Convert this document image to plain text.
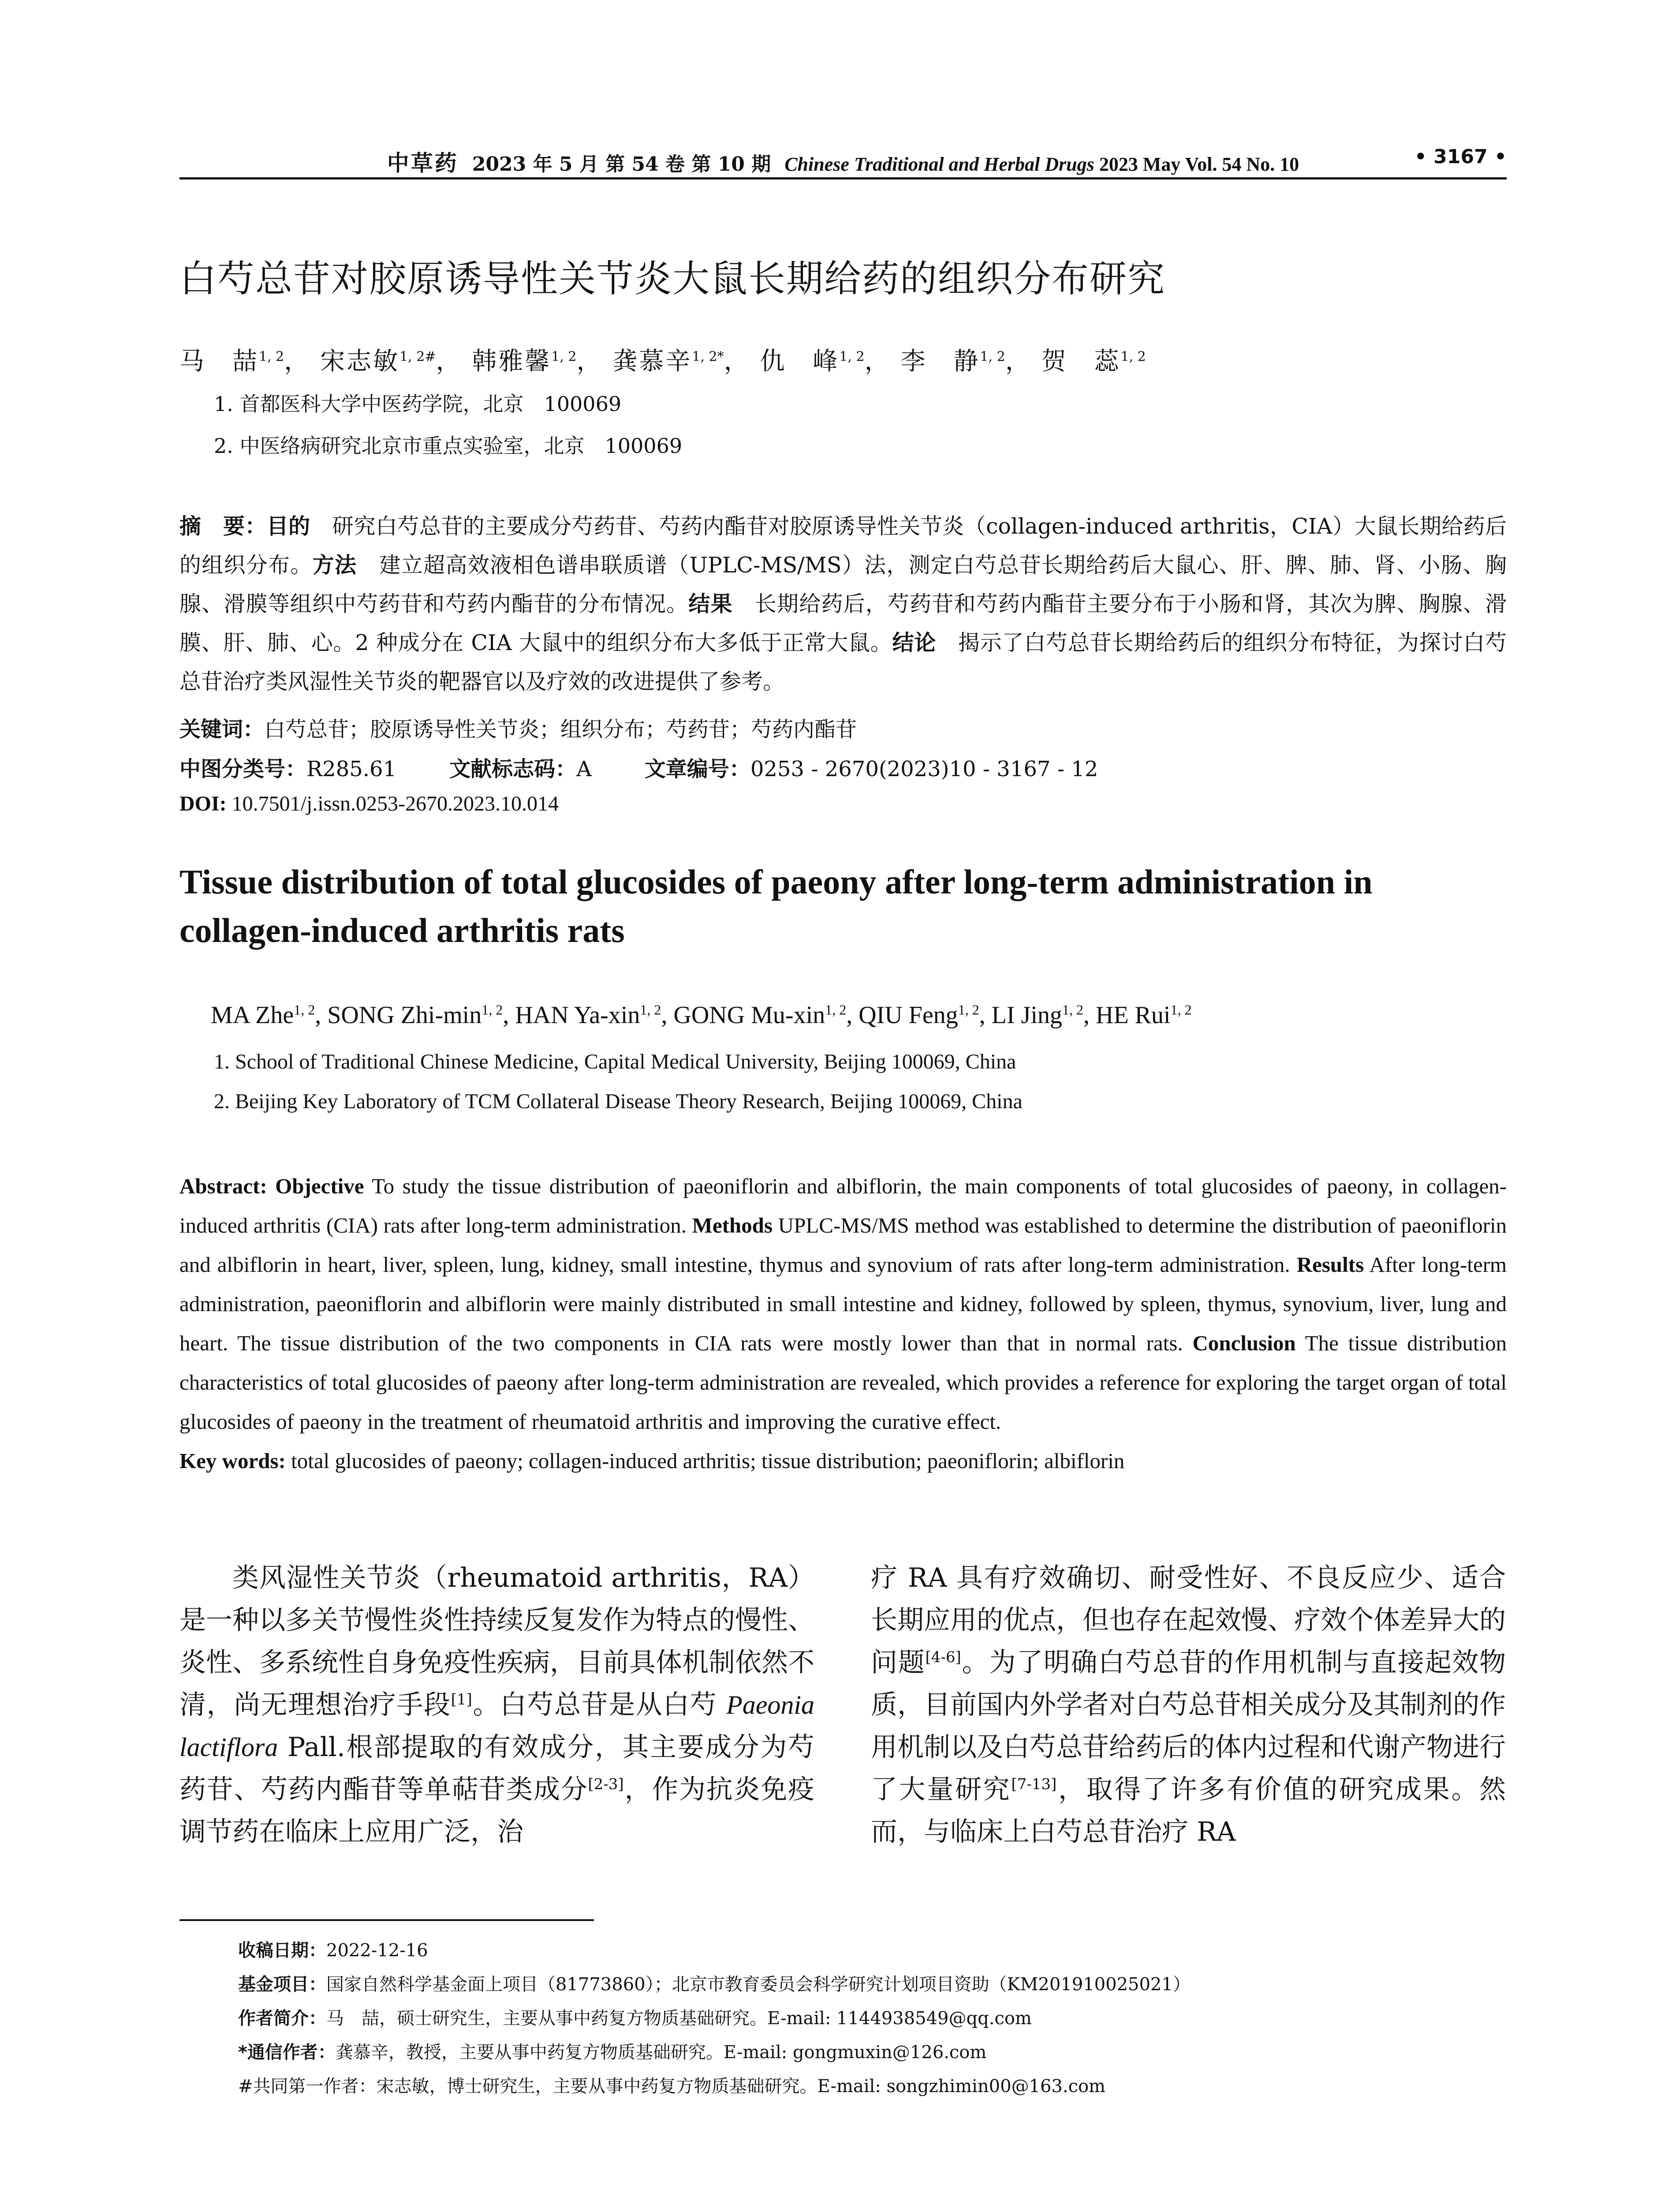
中草药 2023 年 5 月 第 54 卷 第 10 期 Chinese Traditional and Herbal Drugs 2023 May Vol. 54 No. 10	• 3167 •
白芍总苷对胶原诱导性关节炎大鼠长期给药的组织分布研究
马　喆$^{1, 2}$， 宋志敏$^{1, 2\#}$， 韩雅馨$^{1, 2}$， 龚慕辛$^{1, 2*}$， 仇　峰$^{1, 2}$， 李　静$^{1, 2}$， 贺　蕊$^{1, 2}$
1. 首都医科大学中医药学院，北京　100069
2. 中医络病研究北京市重点实验室，北京　100069
摘　要：目的　研究白芍总苷的主要成分芍药苷、芍药内酯苷对胶原诱导性关节炎（collagen-induced arthritis，CIA）大鼠长期给药后的组织分布。方法　建立超高效液相色谱串联质谱（UPLC-MS/MS）法，测定白芍总苷长期给药后大鼠心、肝、脾、肺、肾、小肠、胸腺、滑膜等组织中芍药苷和芍药内酯苷的分布情况。结果　长期给药后，芍药苷和芍药内酯苷主要分布于小肠和肾，其次为脾、胸腺、滑膜、肝、肺、心。2 种成分在 CIA 大鼠中的组织分布大多低于正常大鼠。结论　揭示了白芍总苷长期给药后的组织分布特征，为探讨白芍总苷治疗类风湿性关节炎的靶器官以及疗效的改进提供了参考。
关键词：白芍总苷；胶原诱导性关节炎；组织分布；芍药苷；芍药内酯苷
中图分类号：R285.61	文献标志码：A	文章编号：0253 - 2670(2023)10 - 3167 - 12
DOI: 10.7501/j.issn.0253-2670.2023.10.014
Tissue distribution of total glucosides of paeony after long-term administration in collagen-induced arthritis rats
MA Zhe$^{1, 2}$, SONG Zhi-$\min^{1, 2}$, HAN Ya-xin$^{1, 2}$, GONG Mu-xin$^{1, 2}$, QIU Feng$^{1, 2}$, LI Jing$^{1, 2}$, HE Rui$^{1, 2}$
1. School of Traditional Chinese Medicine, Capital Medical University, Beijing 100069, China
2. Beijing Key Laboratory of TCM Collateral Disease Theory Research, Beijing 100069, China
Abstract: Objective To study the tissue distribution of paeoniflorin and albiflorin, the main components of total glucosides of paeony, in collagen-induced arthritis (CIA) rats after long-term administration. Methods UPLC-MS/MS method was established to determine the distribution of paeoniflorin and albiflorin in heart, liver, spleen, lung, kidney, small intestine, thymus and synovium of rats after long-term administration. Results After long-term administration, paeoniflorin and albiflorin were mainly distributed in small intestine and kidney, followed by spleen, thymus, synovium, liver, lung and heart. The tissue distribution of the two components in CIA rats were mostly lower than that in normal rats. Conclusion The tissue distribution characteristics of total glucosides of paeony after long-term administration are revealed, which provides a reference for exploring the target organ of total glucosides of paeony in the treatment of rheumatoid arthritis and improving the curative effect.
Key words: total glucosides of paeony; collagen-induced arthritis; tissue distribution; paeoniflorin; albiflorin
类风湿性关节炎（rheumatoid arthritis，RA）是一种以多关节慢性炎性持续反复发作为特点的慢性、炎性、多系统性自身免疫性疾病，目前具体机制依然不清，尚无理想治疗手段[1]。白芍总苷是从白芍 Paeonia lactiflora Pall.根部提取的有效成分，其主要成分为芍药苷、芍药内酯苷等单萜苷类成分[2-3]，作为抗炎免疫调节药在临床上应用广泛，治
疗 RA 具有疗效确切、耐受性好、不良反应少、适合长期应用的优点，但也存在起效慢、疗效个体差异大的问题[4-6]。为了明确白芍总苷的作用机制与直接起效物质，目前国内外学者对白芍总苷相关成分及其制剂的作用机制以及白芍总苷给药后的体内过程和代谢产物进行了大量研究[7-13]，取得了许多有价值的研究成果。然而，与临床上白芍总苷治疗 RA
收稿日期：2022-12-16
基金项目：国家自然科学基金面上项目（81773860）；北京市教育委员会科学研究计划项目资助（KM201910025021）
作者简介：马　喆，硕士研究生，主要从事中药复方物质基础研究。E-mail: 1144938549@qq.com
*通信作者：龚慕辛，教授，主要从事中药复方物质基础研究。E-mail: gongmuxin@126.com
#共同第一作者：宋志敏，博士研究生，主要从事中药复方物质基础研究。E-mail: songzhimin00@163.com
